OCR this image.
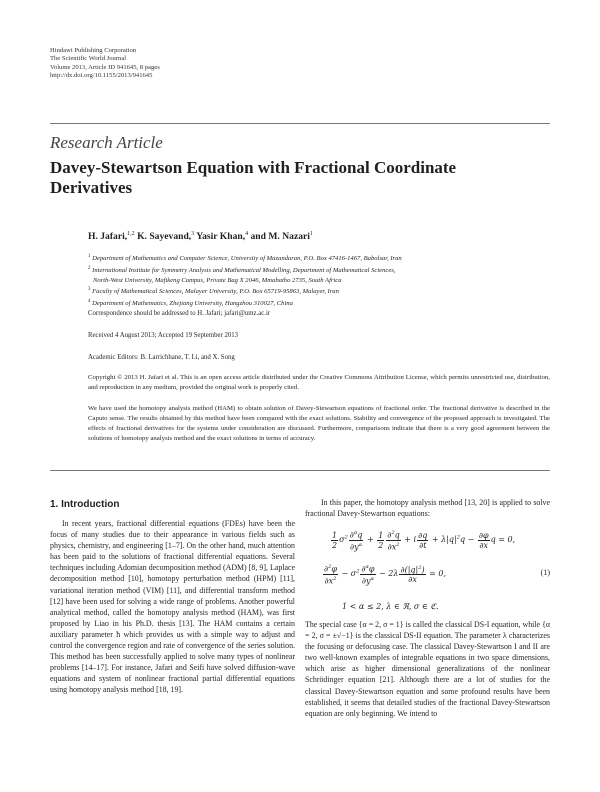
Hindawi Publishing Corporation
The Scientific World Journal
Volume 2013, Article ID 941645, 8 pages
http://dx.doi.org/10.1155/2013/941645
Research Article
Davey-Stewartson Equation with Fractional Coordinate Derivatives
H. Jafari,$^{1,2}$ K. Sayevand,$^3$ Yasir Khan,$^4$ and M. Nazari$^1$
$^1$ Department of Mathematics and Computer Science, University of Mazandaran, P.O. Box 47416-1467, Babolsar, Iran
$^2$ International Institute for Symmetry Analysis and Mathematical Modelling, Department of Mathematical Sciences,
North-West University, Mafikeng Campus, Private Bag X 2046, Mmabatho 2735, South Africa
$^3$ Faculty of Mathematical Sciences, Malayer University, P.O. Box 65719-95863, Malayer, Iran
$^4$ Department of Mathematics, Zhejiang University, Hangzhou 310027, China
Correspondence should be addressed to H. Jafari; jafari@umz.ac.ir
Received 4 August 2013; Accepted 19 September 2013
Academic Editors: B. Larrichhane, T. Li, and X. Song
Copyright © 2013 H. Jafari et al. This is an open access article distributed under the Creative Commons Attribution License, which permits unrestricted use, distribution, and reproduction in any medium, provided the original work is properly cited.
We have used the homotopy analysis method (HAM) to obtain solution of Davey-Stewartson equations of fractional order. The fractional derivative is described in the Caputo sense. The results obtained by this method have been compared with the exact solutions. Stability and convergence of the proposed approach is investigated. The effects of fractional derivatives for the systems under consideration are discussed. Furthermore, comparisons indicate that there is a very good agreement between the solutions of homotopy analysis method and the exact solutions in terms of accuracy.
1. Introduction
In recent years, fractional differential equations (FDEs) have been the focus of many studies due to their appearance in various fields such as physics, chemistry, and engineering [1–7]. On the other hand, much attention has been paid to the solutions of fractional differential equations. Several techniques including Adomian decomposition method (ADM) [8, 9], Laplace decomposition method [10], homotopy perturbation method (HPM) [11], variational iteration method (VIM) [11], and differential transform method [12] have been used for solving a wide range of problems. Another powerful analytical method, called the homotopy analysis method (HAM), was first proposed by Liao in his Ph.D. thesis [13]. The HAM contains a certain auxiliary parameter ħ which provides us with a simple way to adjust and control the convergence region and rate of convergence of the series solution. This method has been successfully applied to solve many types of nonlinear problems [14–17]. For instance, Jafari and Seifi have solved diffusion-wave equations and system of nonlinear fractional partial differential equations using homotopy analysis method [18, 19].
In this paper, the homotopy analysis method [13, 20] is applied to solve fractional Davey-Stewartson equations:
$\frac{1}{2} \sigma^2 \frac{\partial^\alpha q}{\partial y^\alpha} + \frac{1}{2} \frac{\partial^2q}{\partial x^2} + i \frac{\partial q}{\partial t} + \lambda|q|^2q - \frac{\partial\varphi}{\partial x}$ q = 0,
$\frac{\partial^2\varphi}{\partial x^2} - \sigma^2 \frac{\partial^\alpha\varphi}{\partial y^\alpha} - 2\lambda \frac{\partial(|q|^2)}{\partial x} = 0$,
1 < α ≤ 2, λ ∈ ℜ, σ ∈ ℭ.
(1)
The special case {α = 2, σ = 1} is called the classical DS-I equation, while {α = 2, σ = ±√−1} is the classical DS-II equation. The parameter λ characterizes the focusing or defocusing case. The classical Davey-Stewartson I and II are two well-known examples of integrable equations in two space dimensions, which arise as higher dimensional generalizations of the nonlinear Schrödinger equation [21]. Although there are a lot of studies for the classical Davey-Stewartson equation and some profound results have been established, it seems that detailed studies of the fractional Davey-Stewartson equation are only beginning. We intend to
